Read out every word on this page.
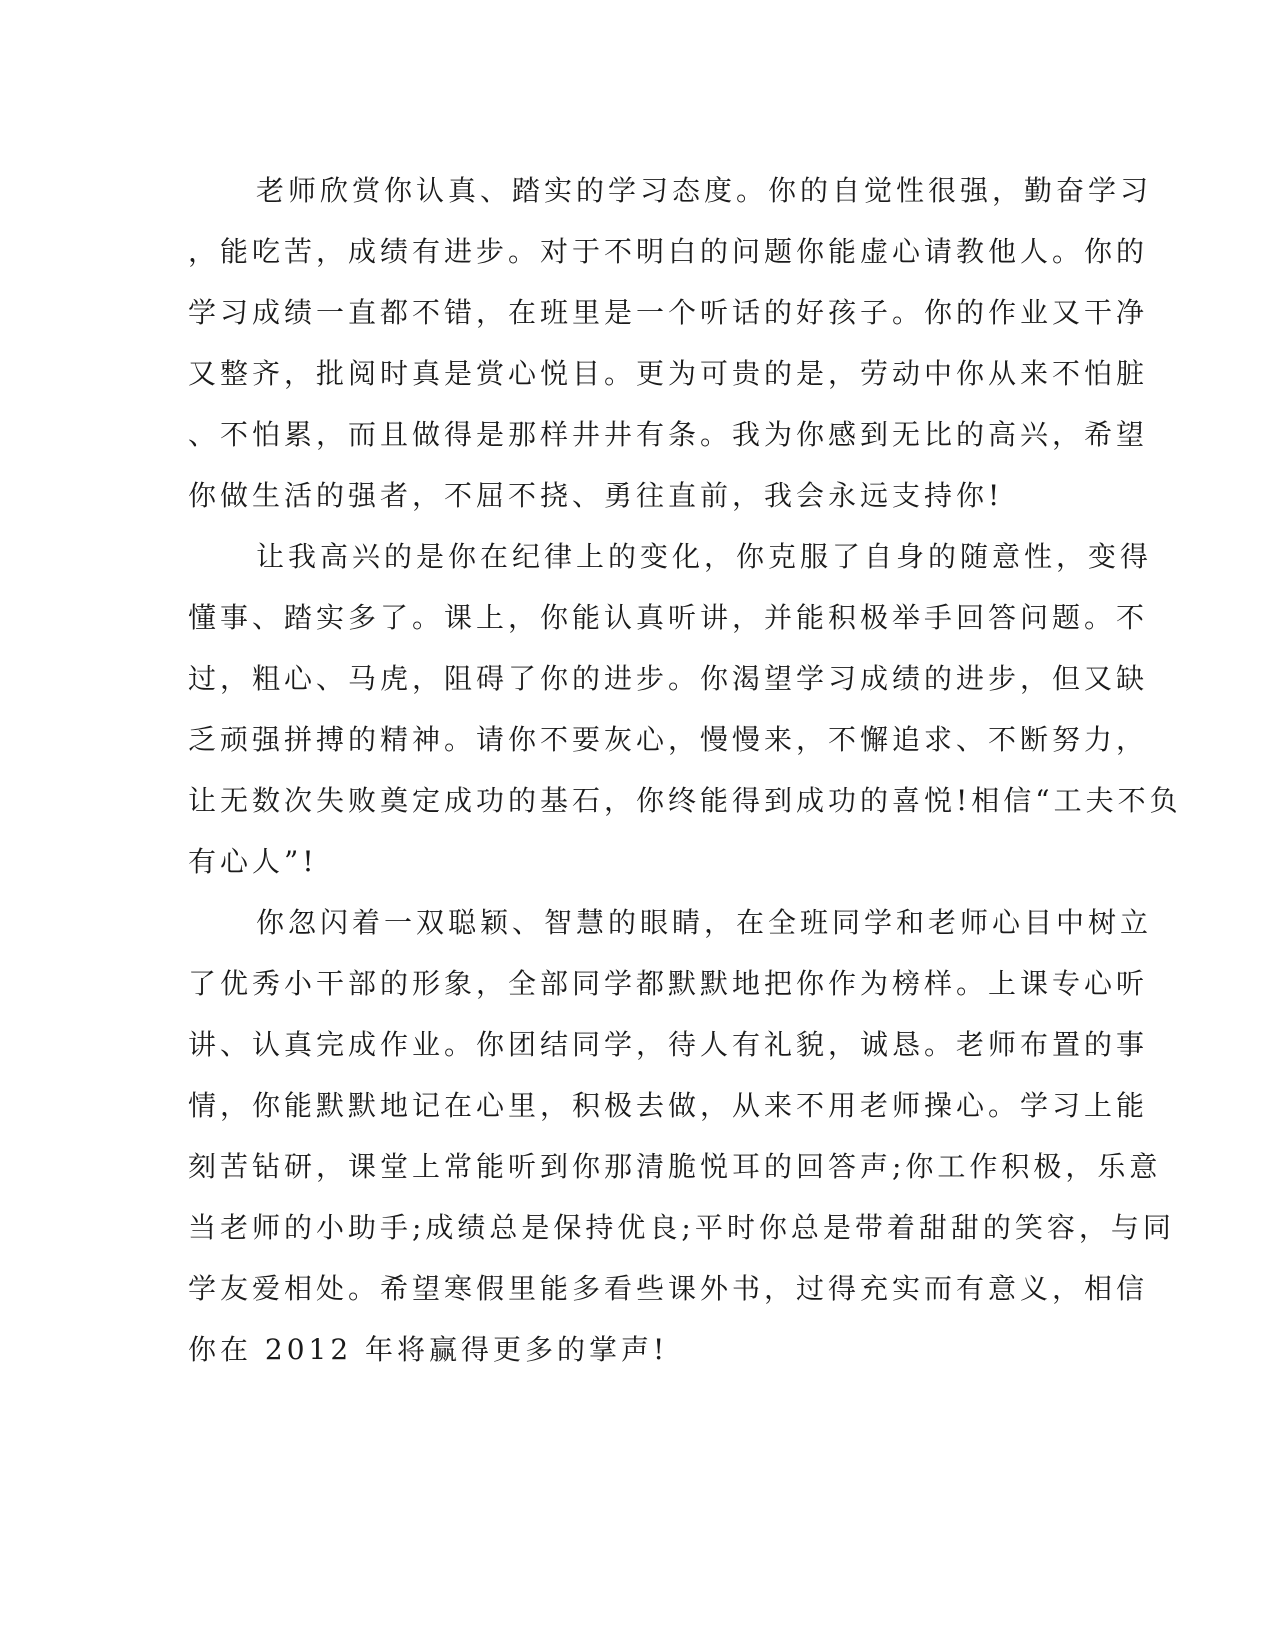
老师欣赏你认真、踏实的学习态度。你的自觉性很强，勤奋学习
，能吃苦，成绩有进步。对于不明白的问题你能虚心请教他人。你的
学习成绩一直都不错，在班里是一个听话的好孩子。你的作业又干净
又整齐，批阅时真是赏心悦目。更为可贵的是，劳动中你从来不怕脏
、不怕累，而且做得是那样井井有条。我为你感到无比的高兴，希望
你做生活的强者，不屈不挠、勇往直前，我会永远支持你!
让我高兴的是你在纪律上的变化，你克服了自身的随意性，变得
懂事、踏实多了。课上，你能认真听讲，并能积极举手回答问题。不
过，粗心、马虎，阻碍了你的进步。你渴望学习成绩的进步，但又缺
乏顽强拼搏的精神。请你不要灰心，慢慢来，不懈追求、不断努力，
让无数次失败奠定成功的基石，你终能得到成功的喜悦!相信“工夫不负
有心人”!
你忽闪着一双聪颖、智慧的眼睛，在全班同学和老师心目中树立
了优秀小干部的形象，全部同学都默默地把你作为榜样。上课专心听
讲、认真完成作业。你团结同学，待人有礼貌，诚恳。老师布置的事
情，你能默默地记在心里，积极去做，从来不用老师操心。学习上能
刻苦钻研，课堂上常能听到你那清脆悦耳的回答声;你工作积极，乐意
当老师的小助手;成绩总是保持优良;平时你总是带着甜甜的笑容，与同
学友爱相处。希望寒假里能多看些课外书，过得充实而有意义，相信
你在 2012 年将赢得更多的掌声!
